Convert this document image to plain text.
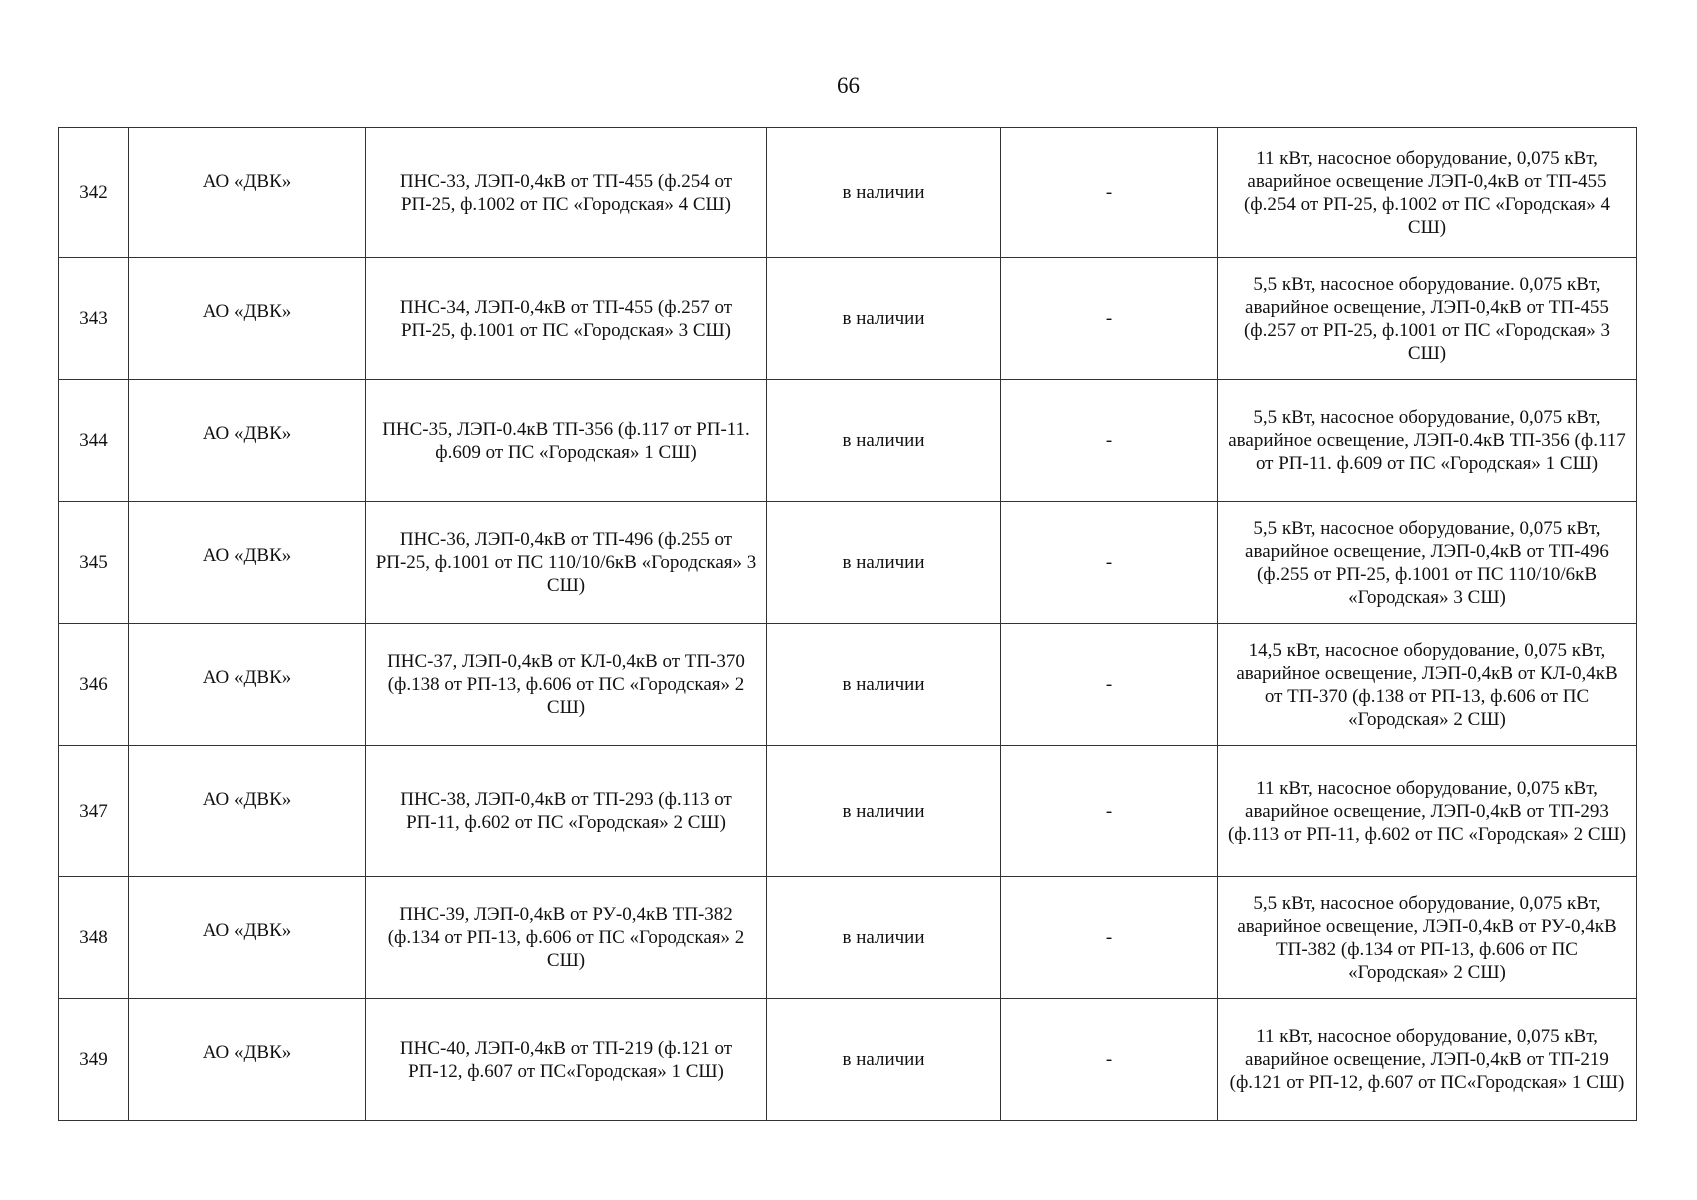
66
342	АО «ДВК»	ПНС-33, ЛЭП-0,4кВ от ТП-455 (ф.254 от РП-25, ф.1002 от ПС «Городская» 4 СШ)	в наличии	-	11 кВт, насосное оборудование, 0,075 кВт, аварийное освещение ЛЭП-0,4кВ от ТП-455 (ф.254 от РП-25, ф.1002 от ПС «Городская» 4 СШ)
343	АО «ДВК»	ПНС-34, ЛЭП-0,4кВ от ТП-455 (ф.257 от РП-25, ф.1001 от ПС «Городская» 3 СШ)	в наличии	-	5,5 кВт, насосное оборудование. 0,075 кВт, аварийное освещение, ЛЭП-0,4кВ от ТП-455 (ф.257 от РП-25, ф.1001 от ПС «Городская» 3 СШ)
344	АО «ДВК»	ПНС-35, ЛЭП-0.4кВ ТП-356 (ф.117 от РП-11. ф.609 от ПС «Городская» 1 СШ)	в наличии	-	5,5 кВт, насосное оборудование, 0,075 кВт, аварийное освещение, ЛЭП-0.4кВ ТП-356 (ф.117 от РП-11. ф.609 от ПС «Городская» 1 СШ)
345	АО «ДВК»	ПНС-36, ЛЭП-0,4кВ от ТП-496 (ф.255 от РП-25, ф.1001 от ПС 110/10/6кВ «Городская» 3 СШ)	в наличии	-	5,5 кВт, насосное оборудование, 0,075 кВт, аварийное освещение, ЛЭП-0,4кВ от ТП-496 (ф.255 от РП-25, ф.1001 от ПС 110/10/6кВ «Городская» 3 СШ)
346	АО «ДВК»	ПНС-37, ЛЭП-0,4кВ от КЛ-0,4кВ от ТП-370 (ф.138 от РП-13, ф.606 от ПС «Городская» 2 СШ)	в наличии	-	14,5 кВт, насосное оборудование, 0,075 кВт, аварийное освещение, ЛЭП-0,4кВ от КЛ-0,4кВ от ТП-370 (ф.138 от РП-13, ф.606 от ПС «Городская» 2 СШ)
347	АО «ДВК»	ПНС-38, ЛЭП-0,4кВ от ТП-293 (ф.113 от РП-11, ф.602 от ПС «Городская» 2 СШ)	в наличии	-	11 кВт, насосное оборудование, 0,075 кВт, аварийное освещение, ЛЭП-0,4кВ от ТП-293 (ф.113 от РП-11, ф.602 от ПС «Городская» 2 СШ)
348	АО «ДВК»	ПНС-39, ЛЭП-0,4кВ от РУ-0,4кВ ТП-382 (ф.134 от РП-13, ф.606 от ПС «Городская» 2 СШ)	в наличии	-	5,5 кВт, насосное оборудование, 0,075 кВт, аварийное освещение, ЛЭП-0,4кВ от РУ-0,4кВ ТП-382 (ф.134 от РП-13, ф.606 от ПС «Городская» 2 СШ)
349	АО «ДВК»	ПНС-40, ЛЭП-0,4кВ от ТП-219 (ф.121 от РП-12, ф.607 от ПС«Городская» 1 СШ)	в наличии	-	11 кВт, насосное оборудование, 0,075 кВт, аварийное освещение, ЛЭП-0,4кВ от ТП-219 (ф.121 от РП-12, ф.607 от ПС«Городская» 1 СШ)
